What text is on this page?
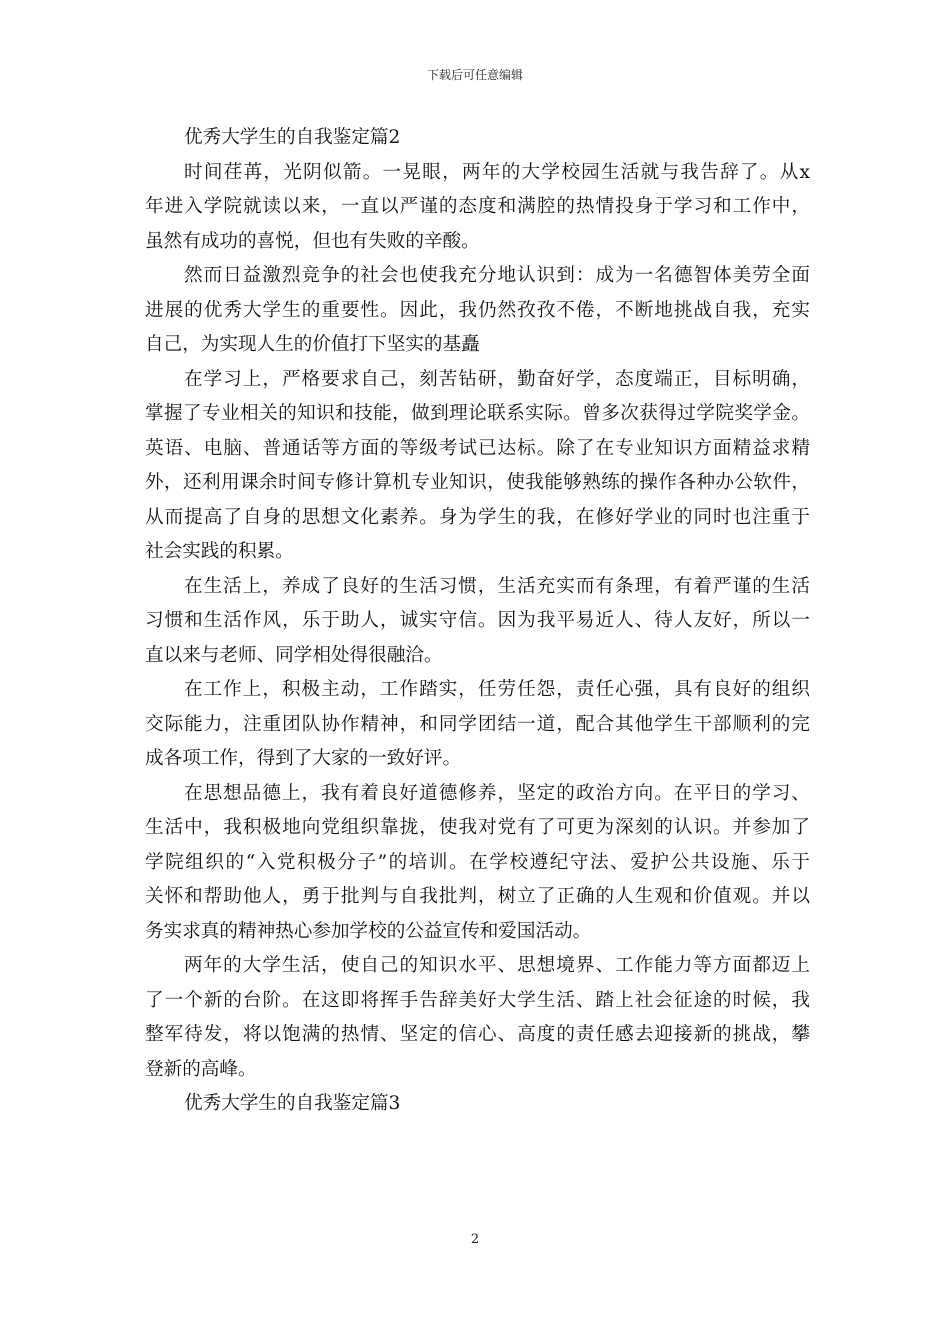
下载后可任意编辑
优秀大学生的自我鉴定篇2
时间荏苒，光阴似箭。一晃眼，两年的大学校园生活就与我告辞了。从x
年进入学院就读以来，一直以严谨的态度和满腔的热情投身于学习和工作中，
虽然有成功的喜悦，但也有失败的辛酸。
然而日益激烈竞争的社会也使我充分地认识到：成为一名德智体美劳全面
进展的优秀大学生的重要性。因此，我仍然孜孜不倦，不断地挑战自我，充实
自己，为实现人生的价值打下坚实的基矗
在学习上，严格要求自己，刻苦钻研，勤奋好学，态度端正，目标明确，
掌握了专业相关的知识和技能，做到理论联系实际。曾多次获得过学院奖学金。
英语、电脑、普通话等方面的等级考试已达标。除了在专业知识方面精益求精
外，还利用课余时间专修计算机专业知识，使我能够熟练的操作各种办公软件，
从而提高了自身的思想文化素养。身为学生的我，在修好学业的同时也注重于
社会实践的积累。
在生活上，养成了良好的生活习惯，生活充实而有条理，有着严谨的生活
习惯和生活作风，乐于助人，诚实守信。因为我平易近人、待人友好，所以一
直以来与老师、同学相处得很融洽。
在工作上，积极主动，工作踏实，任劳任怨，责任心强，具有良好的组织
交际能力，注重团队协作精神，和同学团结一道，配合其他学生干部顺利的完
成各项工作，得到了大家的一致好评。
在思想品德上，我有着良好道德修养，坚定的政治方向。在平日的学习、
生活中，我积极地向党组织靠拢，使我对党有了可更为深刻的认识。并参加了
学院组织的“入党积极分子”的培训。在学校遵纪守法、爱护公共设施、乐于
关怀和帮助他人，勇于批判与自我批判，树立了正确的人生观和价值观。并以
务实求真的精神热心参加学校的公益宣传和爱国活动。
两年的大学生活，使自己的知识水平、思想境界、工作能力等方面都迈上
了一个新的台阶。在这即将挥手告辞美好大学生活、踏上社会征途的时候，我
整军待发，将以饱满的热情、坚定的信心、高度的责任感去迎接新的挑战，攀
登新的高峰。
优秀大学生的自我鉴定篇3
2
